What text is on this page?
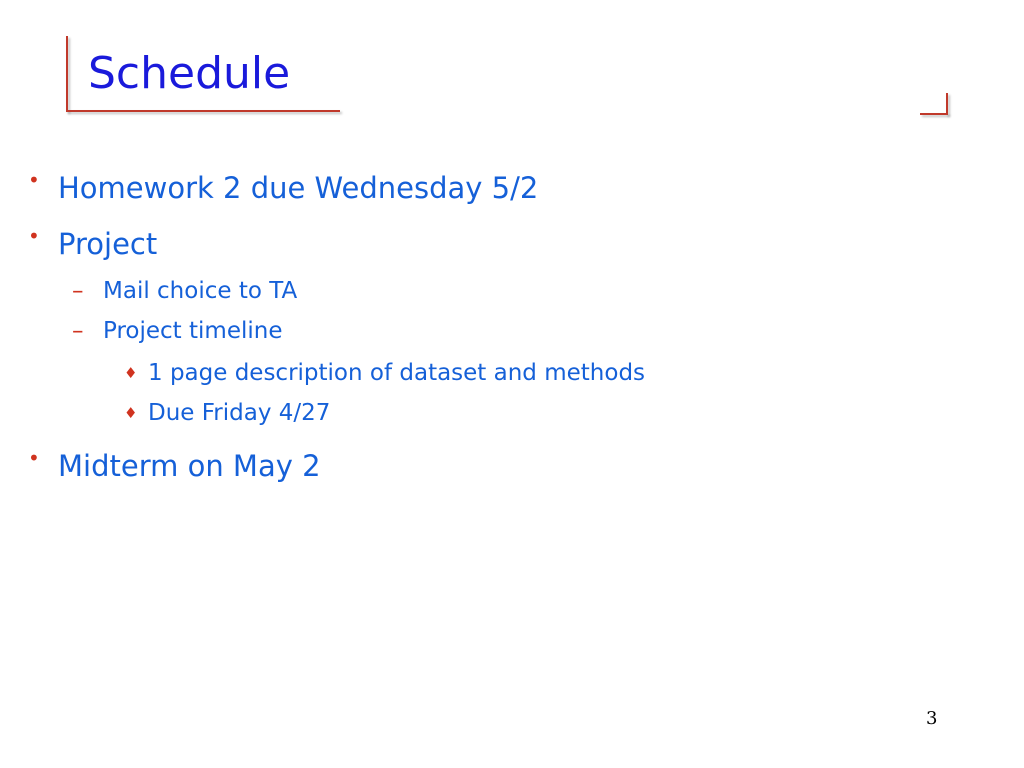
Schedule
• Homework 2 due Wednesday 5/2
• Project
– Mail choice to TA
– Project timeline
♦ 1 page description of dataset and methods
♦ Due Friday 4/27
• Midterm on May 2
3
